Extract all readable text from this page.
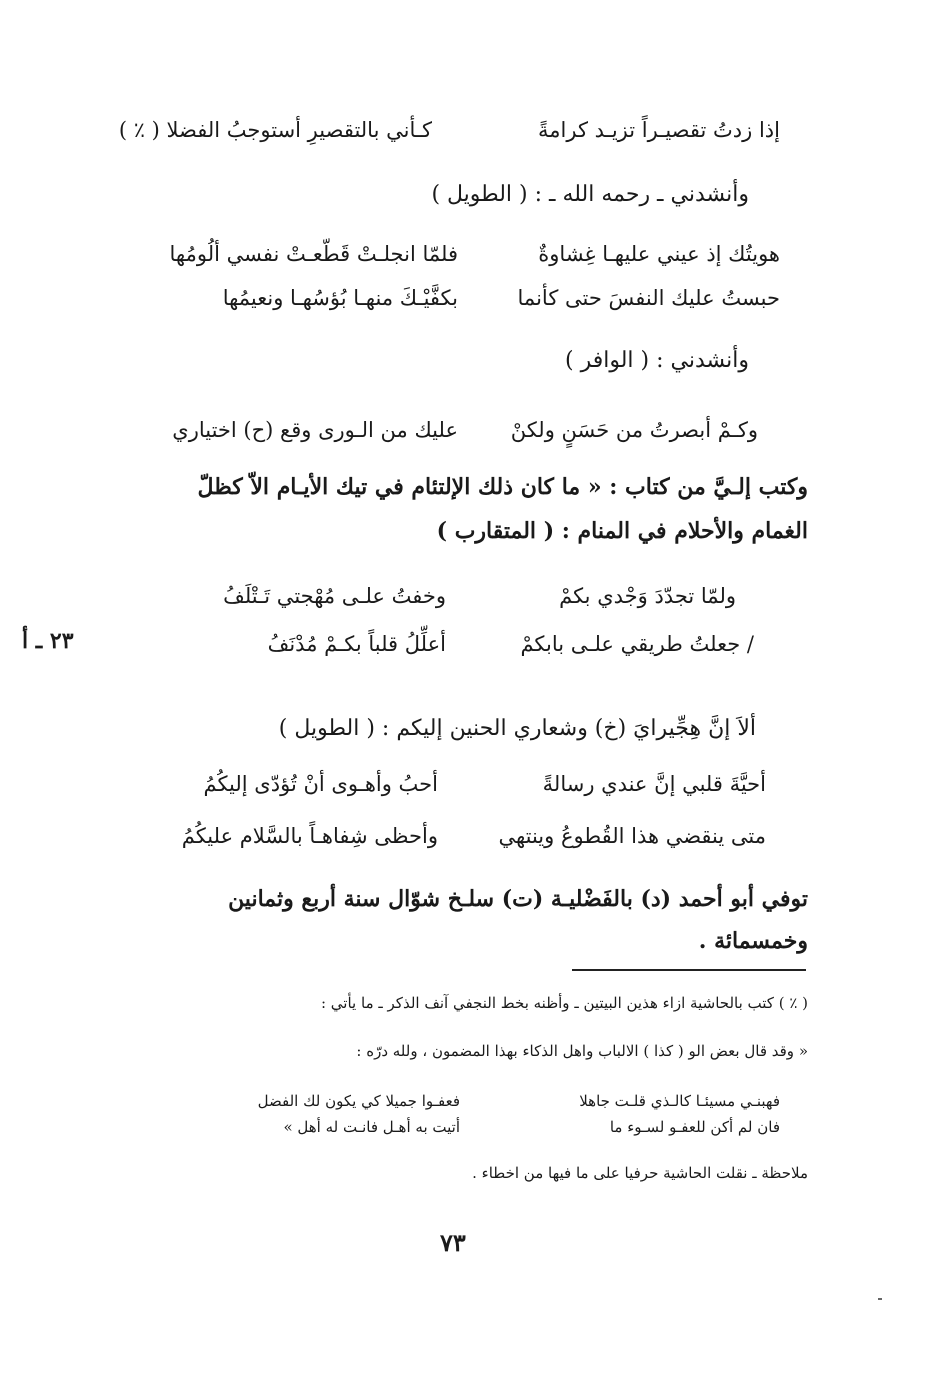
إذا زدتُ تقصيـراً تزيـد كرامةً
كـأني بالتقصيرِ أستوجبُ الفضلا ( ٪ )
وأنشدني ـ رحمه الله ـ : ( الطويل )
هويتُك إذ عيني عليهـا غِشاوةٌ
فلمّا انجلـتْ قَطّعـتْ نفسي ألُومُها
حبستُ عليك النفسَ حتى كأنما
بكفَّيْـكَ منهـا بُؤسُهـا ونعيمُها
وأنشدني : ( الوافر )
وكـمْ أبصرتُ من حَسَنٍ ولكنْ
عليك من الـورى وقع (ح) اختياري
وكتب إلـيَّ من كتاب : « ما كان ذلك الإلتئام في تيك الأيـام الاّ كظلّ
الغمام والأحلام في المنام : ( المتقارب )
ولمّا تجدّدَ وَجْدي بكمْ
وخفتُ علـى مُهْجتي تَـتْلَفُ
/ جعلتُ طريقي علـى بابكمْ
أعلِّلُ قلباً بكـمْ مُدْنَفُ
٢٣ ـ أ
ألاَ إنَّ هِجِّيرايَ (خ) وشعاري الحنين إليكم : ( الطويل )
أحيَّةَ قلبي إنَّ عندي رسالةً
أحبُ وأهـوى أنْ تُؤدّى إليكُمُ
متى ينقضي هذا القُطوعُ وينتهي
وأحظى شِفاهـاً بالسَّلام عليكُمُ
توفي أبو أحمد (د) بالفَضْليـة (ت) سلـخ شوّال سنة أربع وثمانين
وخمسمائة .
( ٪ ) كتب بالحاشية ازاء هذين البيتين ـ وأظنه بخط النجفي آنف الذكر ـ ما يأتي :
« وقد قال بعض الو ( كذا ) الالباب واهل الذكاء بهذا المضمون ، ولله درّه :
فهبنـي مسيئـا كالـذي قلـت جاهلا
فعفـوا جميلا كي يكون لك الفضل
فان لم أكن للعفـو لسـوء ما
أتيت به أهـل فانـت له أهل »
ملاحظة ـ نقلت الحاشية حرفيا على ما فيها من اخطاء .
٧٣
